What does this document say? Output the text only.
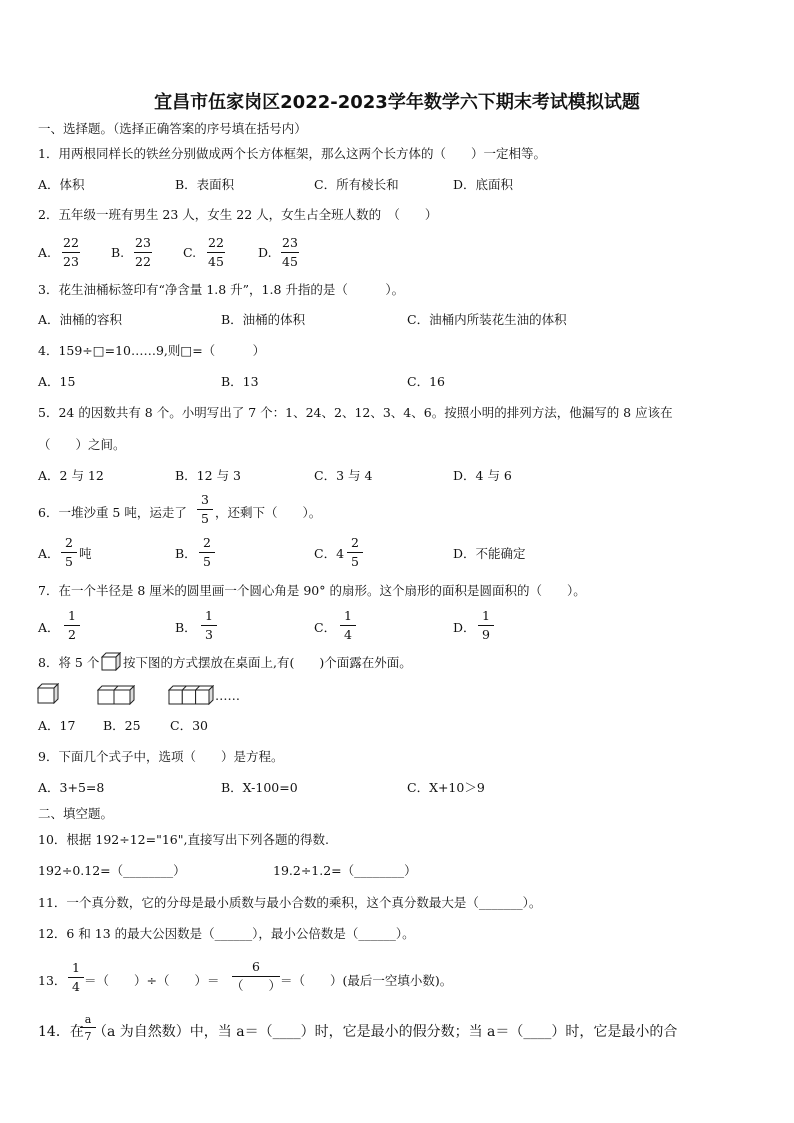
宜昌市伍家岗区2022-2023学年数学六下期末考试模拟试题
一、选择题。（选择正确答案的序号填在括号内）
1．用两根同样长的铁丝分别做成两个长方体框架，那么这两个长方体的（　　）一定相等。
A．体积	B．表面积	C．所有棱长和	D．底面积
2．五年级一班有男生 23 人，女生 22 人，女生占全班人数的　（　　）
A. $\frac{22}{23} B$. $\frac{23}{22} C$. $\frac{22}{45}$	D. $\frac{23}{45}$
3．花生油桶标签印有“净含量 1.8 升”，1.8 升指的是（　　　）。
A．油桶的容积	B．油桶的体积	C．油桶内所装花生油的体积
4．159÷□=10……9,则□=（　　　）
A．15	B．13	C．16
5．24 的因数共有 8 个。小明写出了 7 个：1、24、2、12、3、4、6。按照小明的排列方法，他漏写的 8 应该在
（　　）之间。
A．2 与 12	B．12 与 3	C．3 与 4	D．4 与 6
6．一堆沙重 5 吨，运走了 $\frac{3}{5}$ ，还剩下（　　）。
A． $\frac{2}{5}$ 吨	B． $\frac{2}{5}$	C．$4 \frac{2}{5}$	D．不能确定
7．在一个半径是 8 厘米的圆里画一个圆心角是 90° 的扇形。这个扇形的面积是圆面积的（　　）。
A． $\frac{1}{2}$	B． $\frac{1}{3}$	C． $\frac{1}{4}$	D． $\frac{1}{9}$
8．将 5 个 按下图的方式摆放在桌面上,有(　　)个面露在外面。
……
A．17 B．25 C．30
9．下面几个式子中，选项（　　）是方程。
A．3+5=8	B．X-100=0	C．X+10＞9
二、填空题。
10．根据 192÷12="16",直接写出下列各题的得数.
192÷0.12=（________）	19.2÷1.2=（________）
11．一个真分数，它的分母是最小质数与最小合数的乘积，这个真分数最大是（_______）。
12．6 和 13 的最大公因数是（______），最小公倍数是（______）。
13． $\frac{1}{4}$ ＝（　　）÷（　　）＝
6
（　　）
＝（　　）(最后一空填小数)。
14．在
$\frac{a}{7}$
（a 为自然数）中，当 a＝（____）时，它是最小的假分数；当 a＝（____）时，它是最小的合
